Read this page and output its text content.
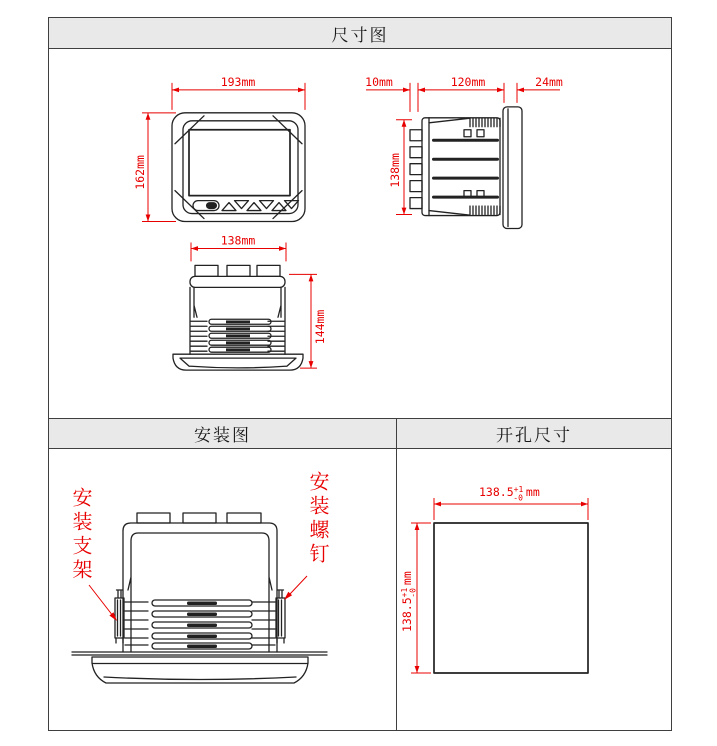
尺寸图
193mm
162mm
10mm	120mm	24mm
138mm
138mm
144mm
安装图	开孔尺寸
安装支架	安装螺钉	$138.5^{+1}$ -0 mm
$138.5^{+1}-0mm$
